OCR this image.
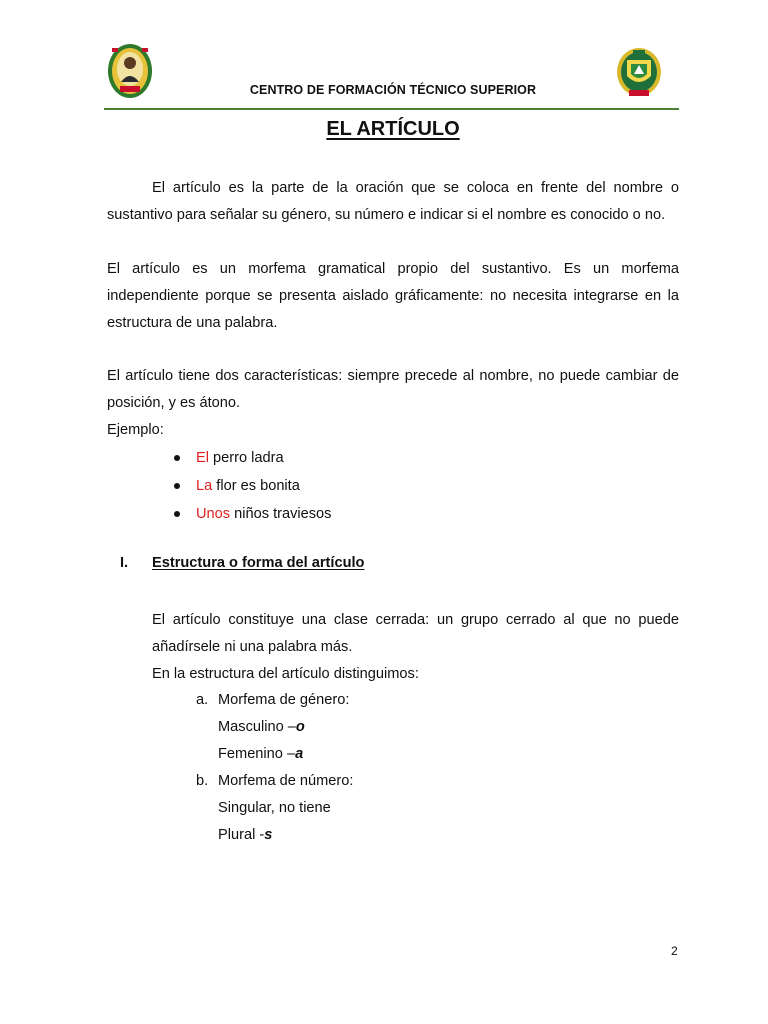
CENTRO DE FORMACIÓN TÉCNICO SUPERIOR
EL ARTÍCULO
El artículo es la parte de la oración que se coloca en frente del nombre o
sustantivo para señalar su género, su número e indicar si el nombre es conocido o no.
El artículo es un morfema gramatical propio del sustantivo. Es un morfema
independiente porque se presenta aislado gráficamente: no necesita integrarse en la
estructura de una palabra.
El artículo tiene dos características: siempre precede al nombre, no puede cambiar de
posición, y es átono.
Ejemplo:
El perro ladra
La flor es bonita
Unos niños traviesos
I. Estructura o forma del artículo
El artículo constituye una clase cerrada: un grupo cerrado al que no puede
añadírsele ni una palabra más.
En la estructura del artículo distinguimos:
a. Morfema de género:
Masculino –o
Femenino –a
b. Morfema de número:
Singular, no tiene
Plural -s
2
